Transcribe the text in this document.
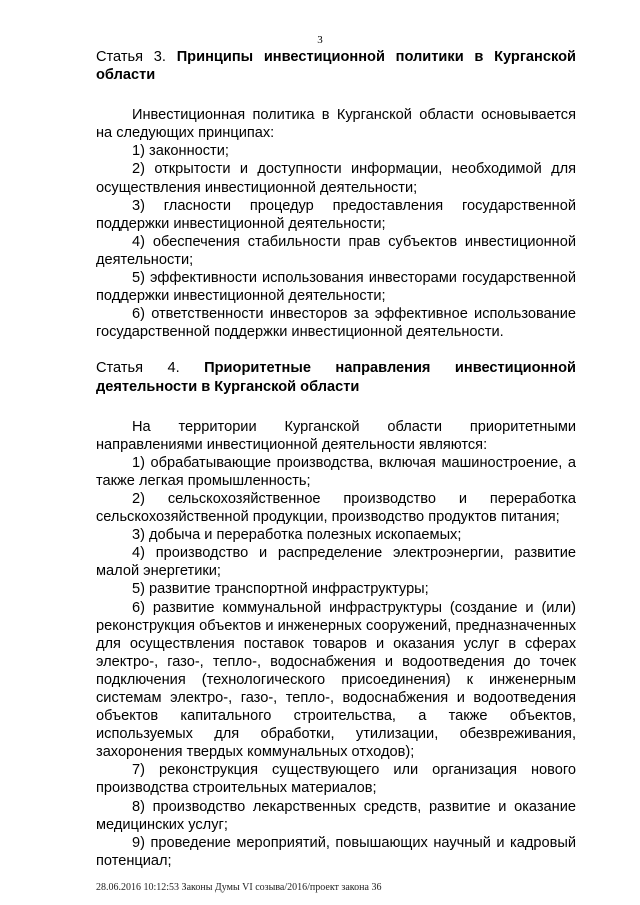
3

Статья 3. Принципы инвестиционной политики в Курганской области

Инвестиционная политика в Курганской области основывается на следующих принципах:

1) законности;

2) открытости и доступности информации, необходимой для осуществления инвестиционной деятельности;

3) гласности процедур предоставления государственной поддержки инвестиционной деятельности;

4) обеспечения стабильности прав субъектов инвестиционной деятельности;

5) эффективности использования инвесторами государственной поддержки инвестиционной деятельности;

6) ответственности инвесторов за эффективное использование государственной поддержки инвестиционной деятельности.

Статья 4. Приоритетные направления инвестиционной деятельности в Курганской области

На территории Курганской области приоритетными направлениями инвестиционной деятельности являются:

1) обрабатывающие производства, включая машиностроение, а также легкая промышленность;

2) сельскохозяйственное производство и переработка сельскохозяйственной продукции, производство продуктов питания;

3) добыча и переработка полезных ископаемых;

4) производство и распределение электроэнергии, развитие малой энергетики;

5) развитие транспортной инфраструктуры;

6) развитие коммунальной инфраструктуры (создание и (или) реконструкция объектов и инженерных сооружений, предназначенных для осуществления поставок товаров и оказания услуг в сферах электро-, газо-, тепло-, водоснабжения и водоотведения до точек подключения (технологического присоединения) к инженерным системам электро-, газо-, тепло-, водоснабжения и водоотведения объектов капитального строительства, а также объектов, используемых для обработки, утилизации, обезвреживания, захоронения твердых коммунальных отходов);

7) реконструкция существующего или организация нового производства строительных материалов;

8) производство лекарственных средств, развитие и оказание медицинских услуг;

9) проведение мероприятий, повышающих научный и кадровый потенциал;

28.06.2016 10:12:53 Законы Думы VI созыва/2016/проект закона 36
